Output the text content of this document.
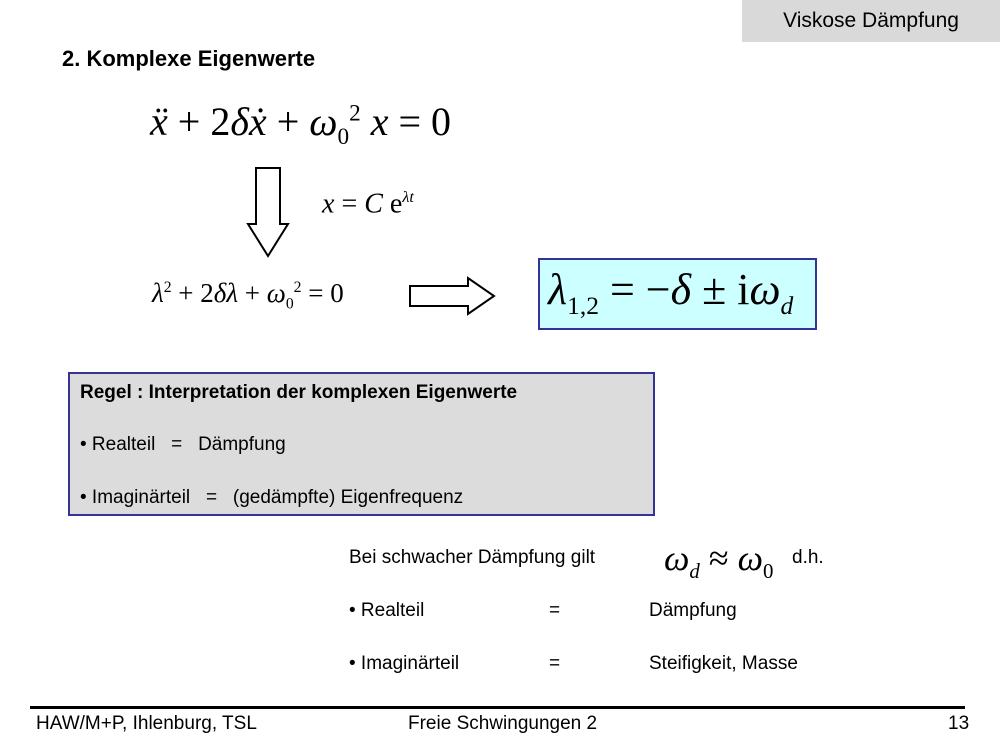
Viskose Dämpfung
2. Komplexe Eigenwerte
ẍ + 2δẋ + $\omega_0^2$ x = 0
x = C $e^{\lambda t}$
$\lambda^2 + 2\delta\lambda + \omega_0^2 = 0$	$\lambda_{1,2} = -\delta \pm i\omega_d$
Regel : Interpretation der komplexen Eigenwerte
• Realteil   =   Dämpfung
• Imaginärteil   =   (gedämpfte) Eigenfrequenz
Bei schwacher Dämpfung gilt $\omega_d \approx \omega_0$
d.h.
• Realteil	=	Dämpfung
• Imaginärteil	=	Steifigkeit, Masse
HAW/M+P, Ihlenburg, TSL	Freie Schwingungen 2	13
